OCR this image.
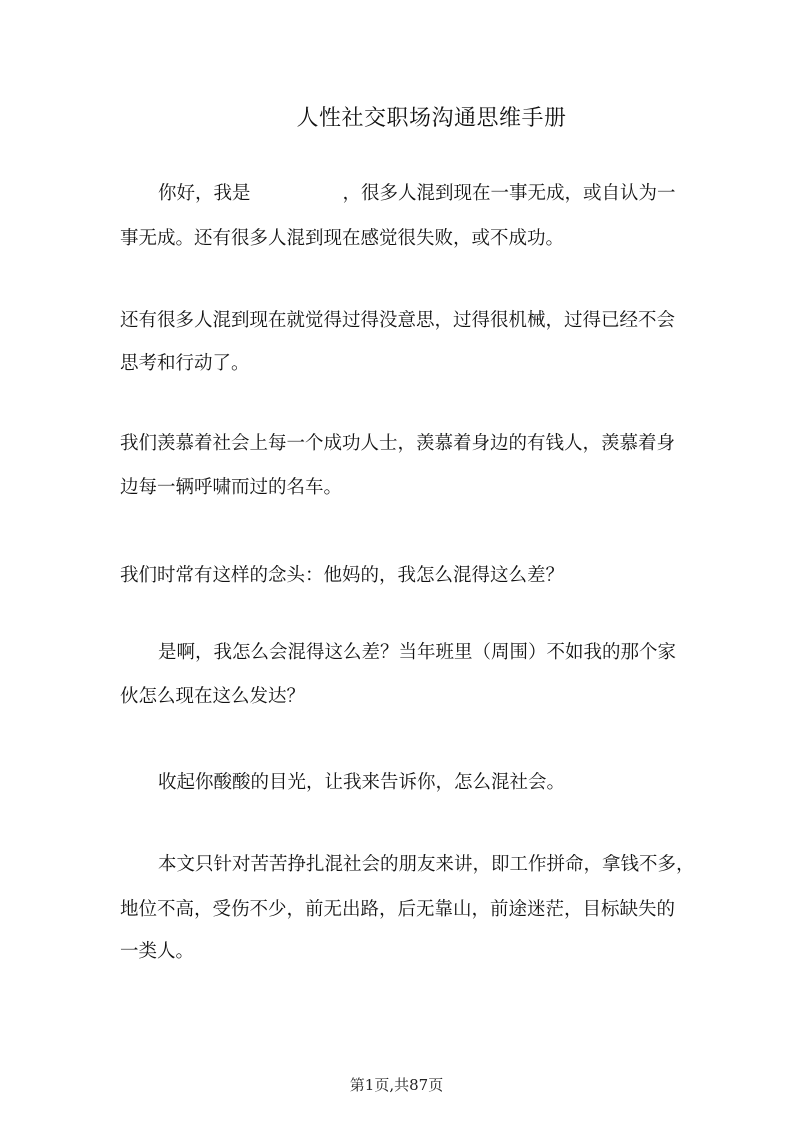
人性社交职场沟通思维手册
你好，我是	，很多人混到现在一事无成，或自认为一
事无成。还有很多人混到现在感觉很失败，或不成功。
还有很多人混到现在就觉得过得没意思，过得很机械，过得已经不会
思考和行动了。
我们羡慕着社会上每一个成功人士，羡慕着身边的有钱人，羡慕着身
边每一辆呼啸而过的名车。
我们时常有这样的念头：他妈的，我怎么混得这么差？
是啊，我怎么会混得这么差？当年班里（周围）不如我的那个家
伙怎么现在这么发达？
收起你酸酸的目光，让我来告诉你，怎么混社会。
本文只针对苦苦挣扎混社会的朋友来讲，即工作拼命，拿钱不多，
地位不高，受伤不少，前无出路，后无靠山，前途迷茫，目标缺失的
一类人。
第1页,共87页
